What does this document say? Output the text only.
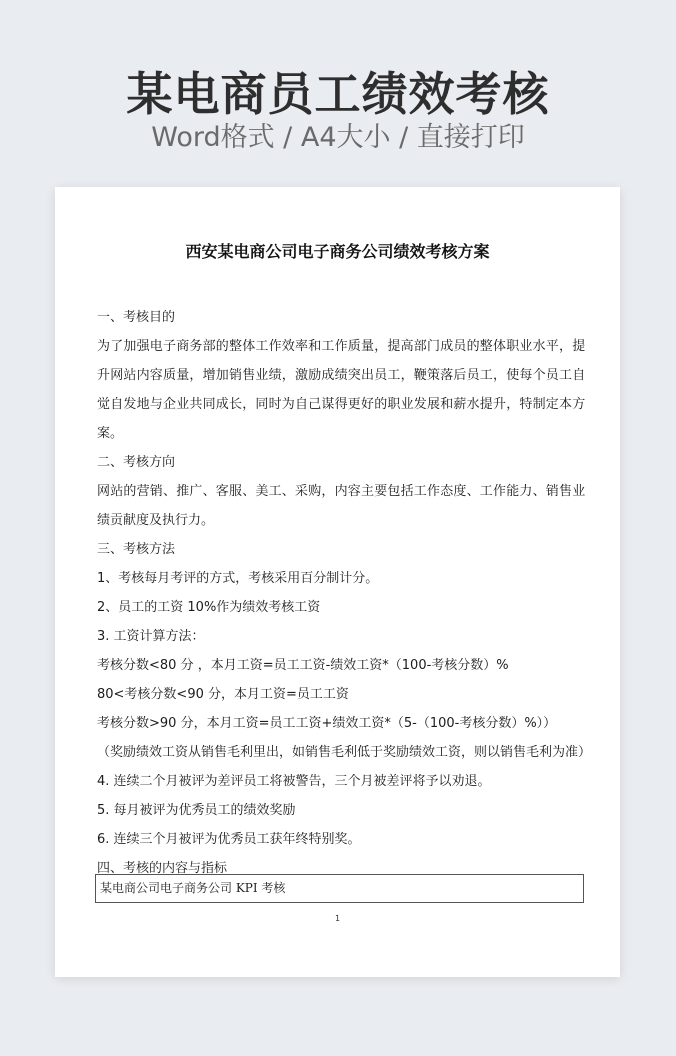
某电商员工绩效考核
Word格式 / A4大小 / 直接打印
西安某电商公司电子商务公司绩效考核方案
一、考核目的
为了加强电子商务部的整体工作效率和工作质量，提高部门成员的整体职业水平，提
升网站内容质量，增加销售业绩，激励成绩突出员工，鞭策落后员工，使每个员工自
觉自发地与企业共同成长，同时为自己谋得更好的职业发展和薪水提升，特制定本方
案。
二、考核方向
网站的营销、推广、客服、美工、采购，内容主要包括工作态度、工作能力、销售业
绩贡献度及执行力。
三、考核方法
1、考核每月考评的方式，考核采用百分制计分。
2、员工的工资 10%作为绩效考核工资
3. 工资计算方法：
考核分数<80 分 ，本月工资=员工工资-绩效工资*（100-考核分数）%
80<考核分数<90 分，本月工资=员工工资
考核分数>90 分，本月工资=员工工资+绩效工资*（5-（100-考核分数）%））
（奖励绩效工资从销售毛利里出，如销售毛利低于奖励绩效工资，则以销售毛利为准）
4. 连续二个月被评为差评员工将被警告，三个月被差评将予以劝退。
5. 每月被评为优秀员工的绩效奖励
6. 连续三个月被评为优秀员工获年终特别奖。
四、考核的内容与指标
某电商公司电子商务公司 KPI 考核
1
